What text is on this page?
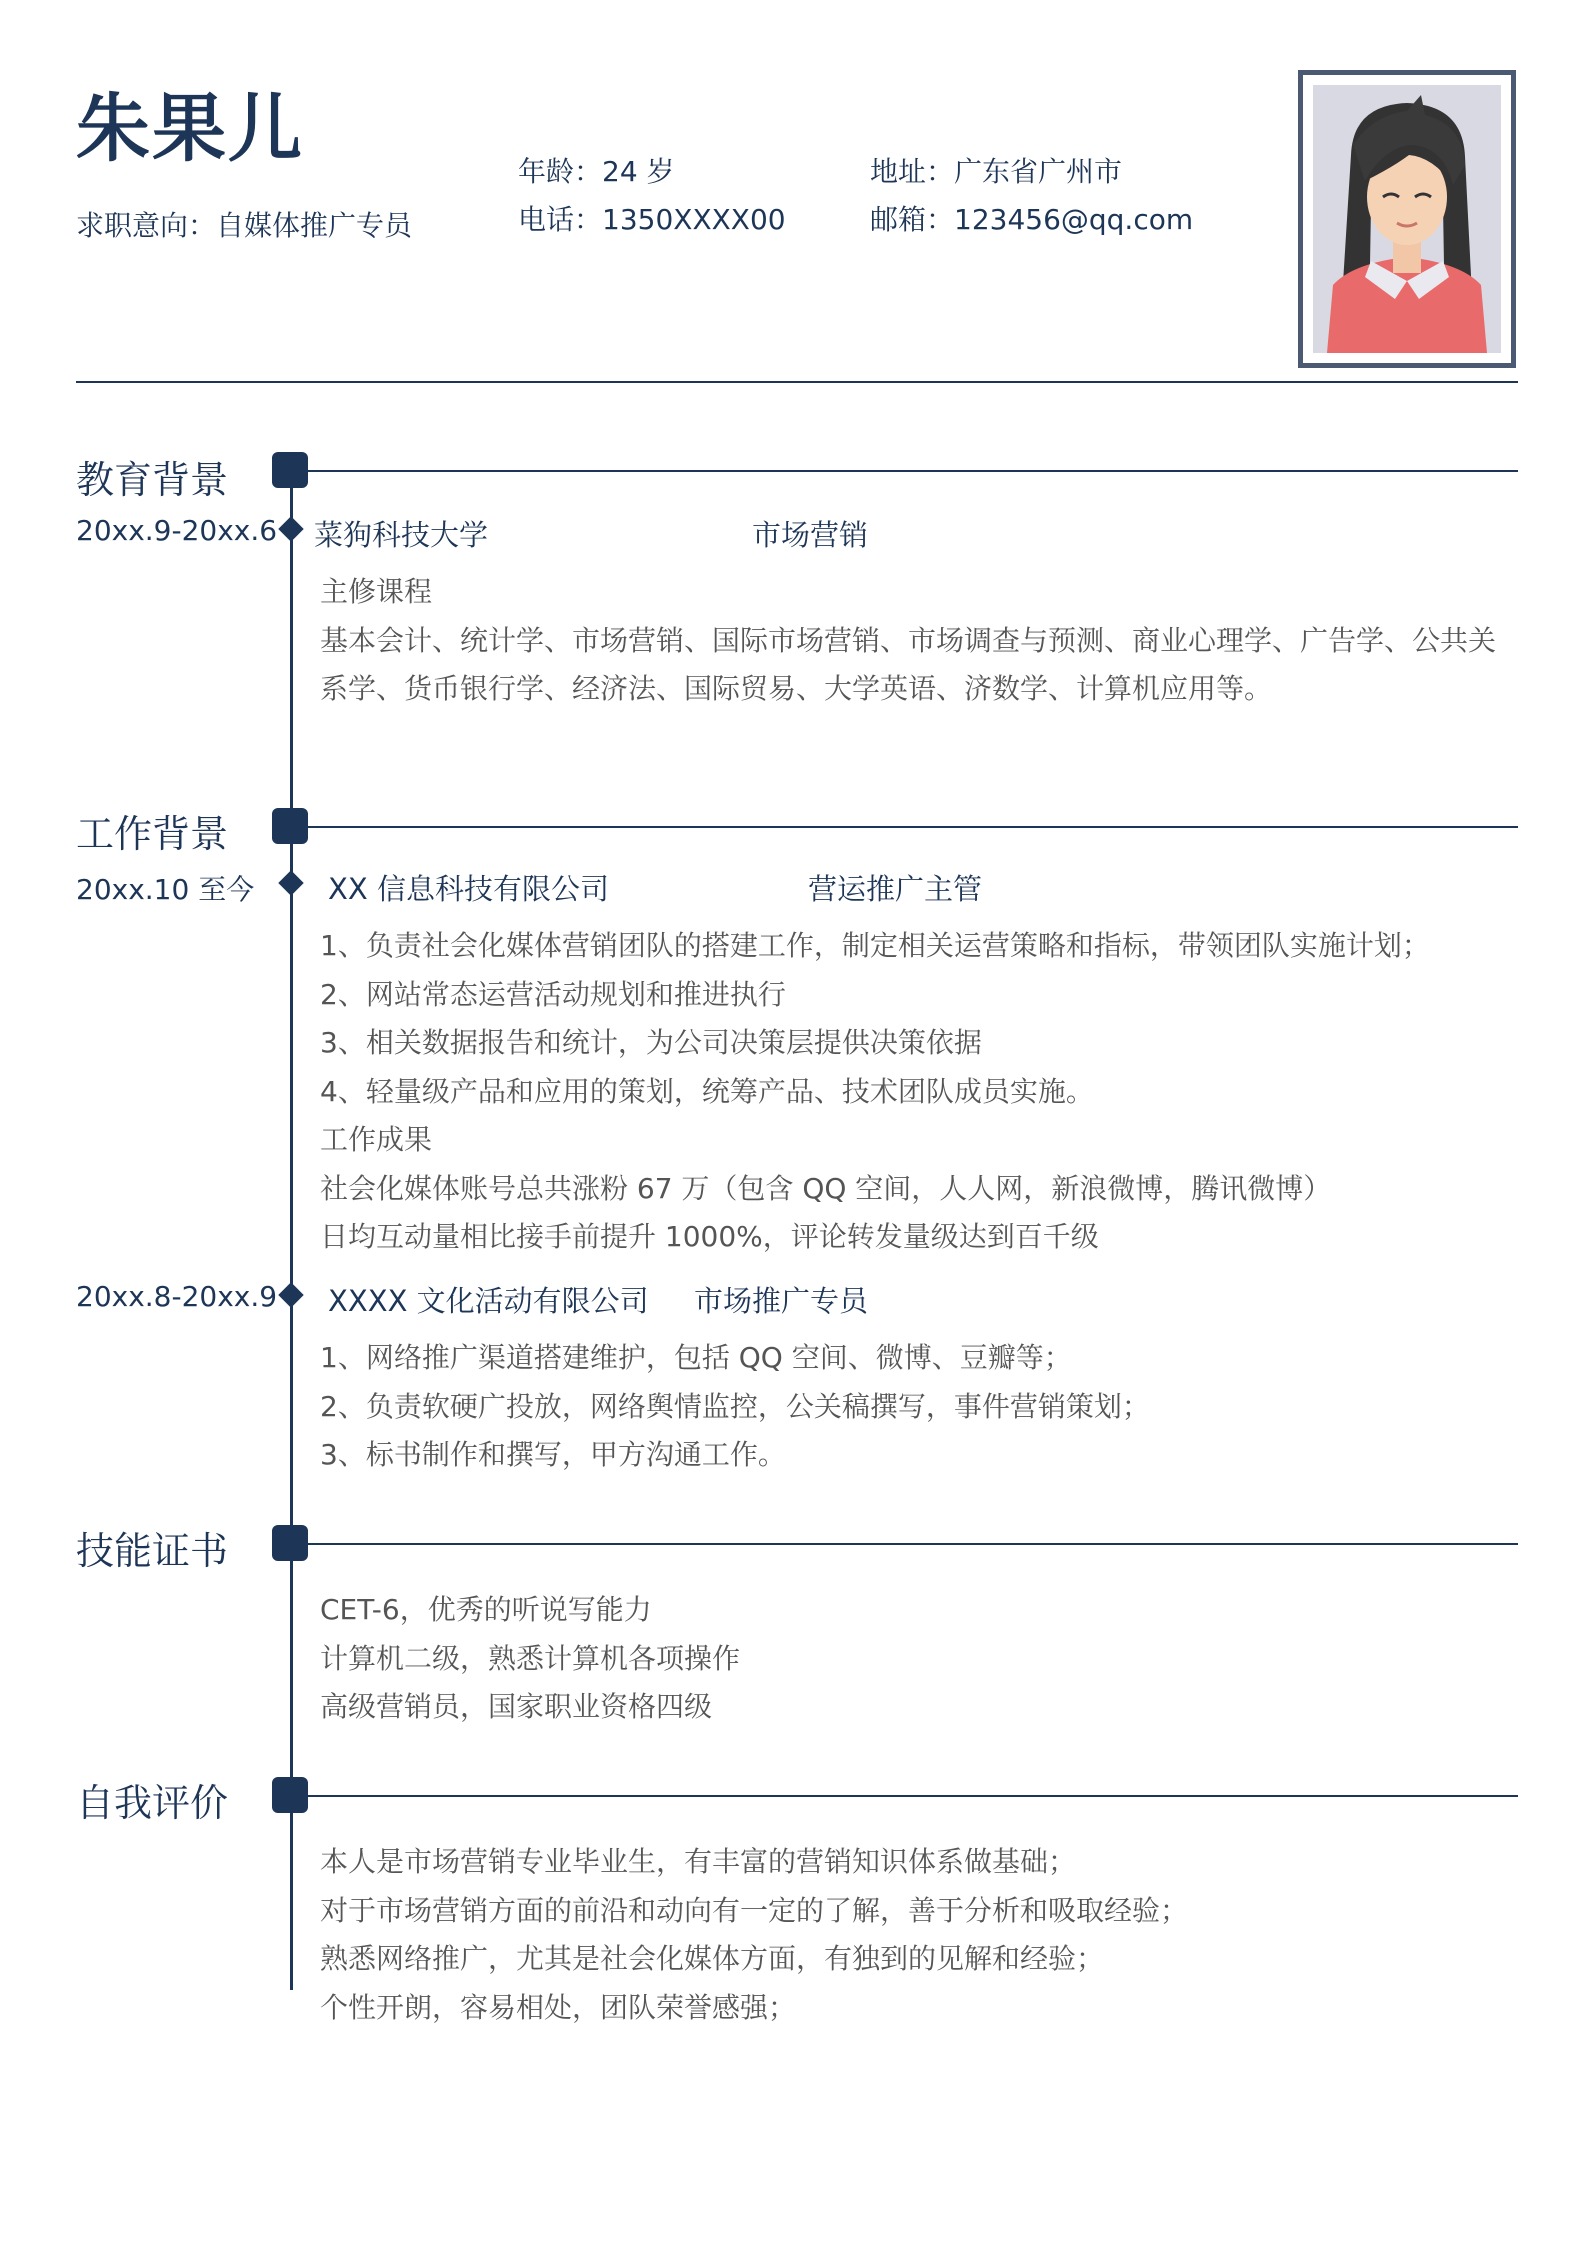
朱果儿
求职意向：自媒体推广专员
年龄：24 岁
电话：1350XXXX00
地址：广东省广州市
邮箱：123456@qq.com
教育背景
20xx.9-20xx.6 菜狗科技大学	市场营销
主修课程
基本会计、统计学、市场营销、国际市场营销、市场调查与预测、商业心理学、广告学、公共关
系学、货币银行学、经济法、国际贸易、大学英语、济数学、计算机应用等。
工作背景
20xx.10 至今	XX 信息科技有限公司	营运推广主管
1、负责社会化媒体营销团队的搭建工作，制定相关运营策略和指标，带领团队实施计划；
2、网站常态运营活动规划和推进执行
3、相关数据报告和统计，为公司决策层提供决策依据
4、轻量级产品和应用的策划，统筹产品、技术团队成员实施。
工作成果
社会化媒体账号总共涨粉 67 万（包含 QQ 空间，人人网，新浪微博，腾讯微博）
日均互动量相比接手前提升 1000%，评论转发量级达到百千级
20xx.8-20xx.9 XXXX 文化活动有限公司 市场推广专员
1、网络推广渠道搭建维护，包括 QQ 空间、微博、豆瓣等；
2、负责软硬广投放，网络舆情监控，公关稿撰写，事件营销策划；
3、标书制作和撰写，甲方沟通工作。
技能证书
CET-6，优秀的听说写能力
计算机二级，熟悉计算机各项操作
高级营销员，国家职业资格四级
自我评价
本人是市场营销专业毕业生，有丰富的营销知识体系做基础；
对于市场营销方面的前沿和动向有一定的了解，善于分析和吸取经验；
熟悉网络推广，尤其是社会化媒体方面，有独到的见解和经验；
个性开朗，容易相处，团队荣誉感强；
